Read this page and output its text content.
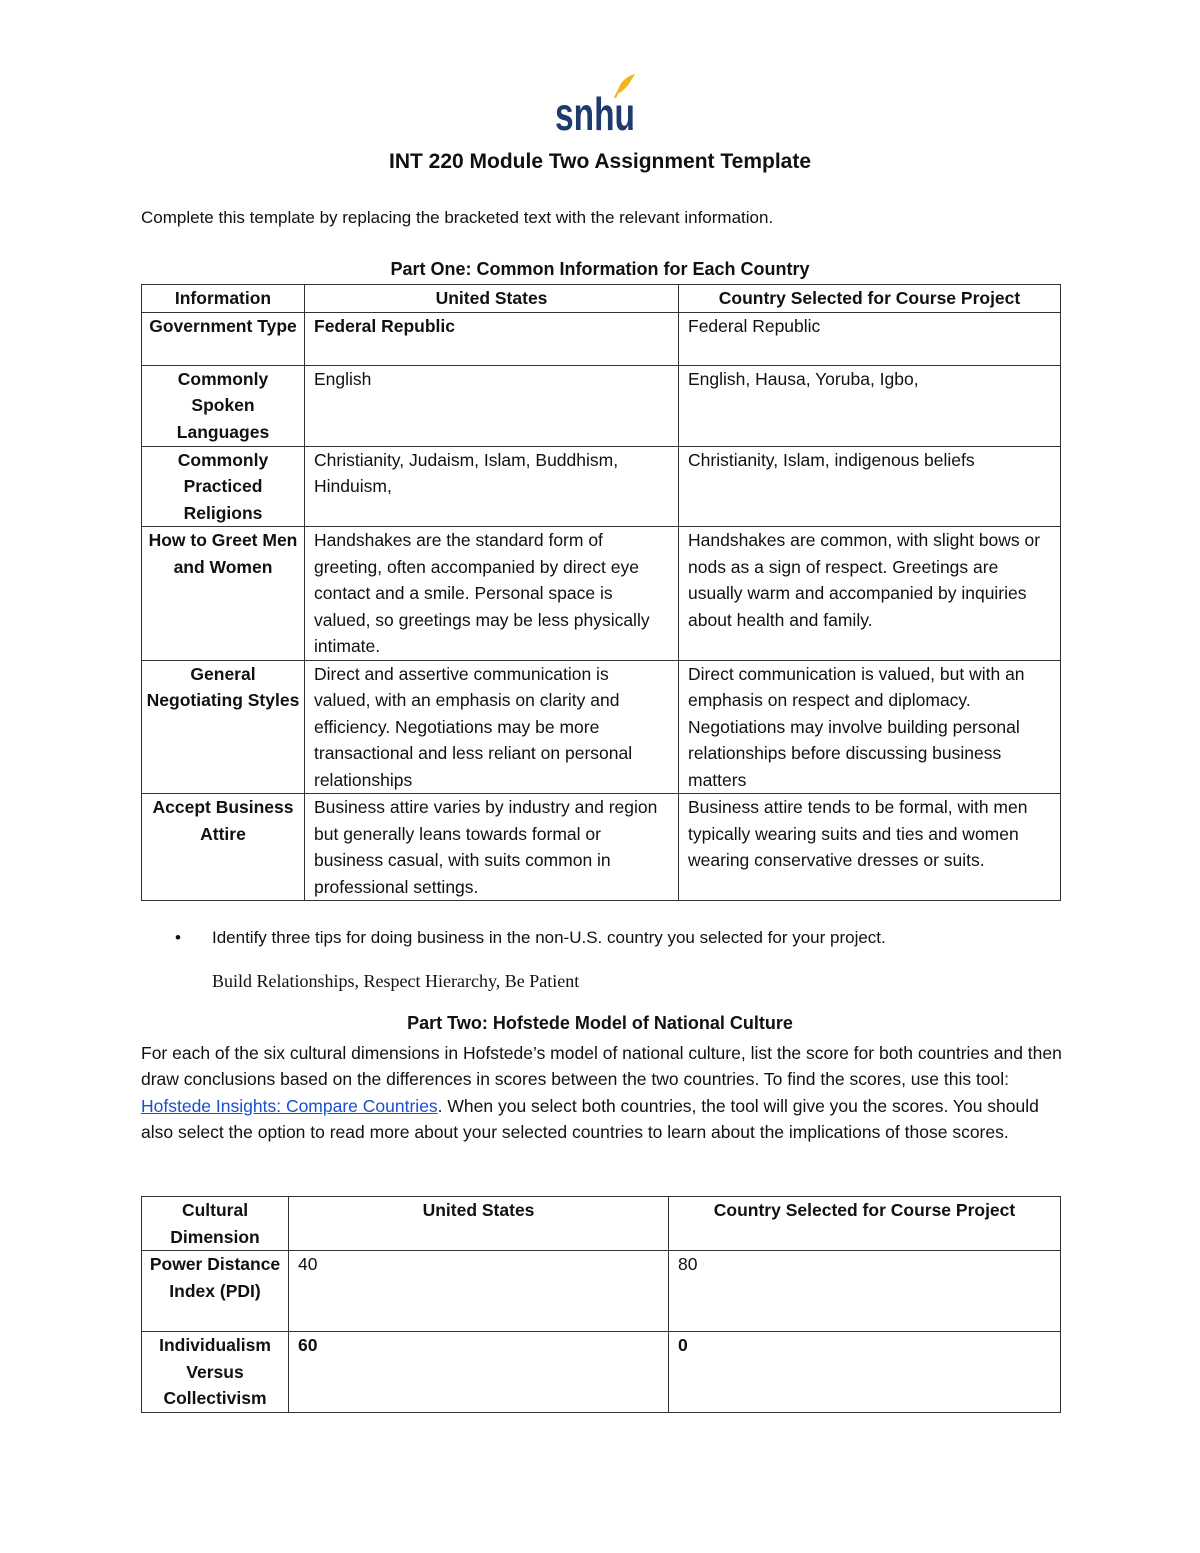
snhu
INT 220 Module Two Assignment Template
Complete this template by replacing the bracketed text with the relevant information.
Part One: Common Information for Each Country
Information	United States	Country Selected for Course Project
Government Type	Federal Republic	Federal Republic
Commonly Spoken Languages	English	English, Hausa, Yoruba, Igbo,
Commonly Practiced Religions	Christianity, Judaism, Islam, Buddhism, Hinduism,	Christianity, Islam, indigenous beliefs
How to Greet Men and Women	Handshakes are the standard form of greeting, often accompanied by direct eye contact and a smile. Personal space is valued, so greetings may be less physically intimate.	Handshakes are common, with slight bows or nods as a sign of respect. Greetings are usually warm and accompanied by inquiries about health and family.
General Negotiating Styles	Direct and assertive communication is valued, with an emphasis on clarity and efficiency. Negotiations may be more transactional and less reliant on personal relationships	Direct communication is valued, but with an emphasis on respect and diplomacy. Negotiations may involve building personal relationships before discussing business matters
Accept Business Attire	Business attire varies by industry and region but generally leans towards formal or business casual, with suits common in professional settings.	Business attire tends to be formal, with men typically wearing suits and ties and women wearing conservative dresses or suits.
• Identify three tips for doing business in the non-U.S. country you selected for your project.
Build Relationships, Respect Hierarchy, Be Patient
Part Two: Hofstede Model of National Culture
For each of the six cultural dimensions in Hofstede’s model of national culture, list the score for both countries and then draw conclusions based on the differences in scores between the two countries. To find the scores, use this tool: Hofstede Insights: Compare Countries. When you select both countries, the tool will give you the scores. You should also select the option to read more about your selected countries to learn about the implications of those scores.
Cultural Dimension	United States	Country Selected for Course Project
Power Distance Index (PDI)	40	80
Individualism Versus Collectivism	60	0
